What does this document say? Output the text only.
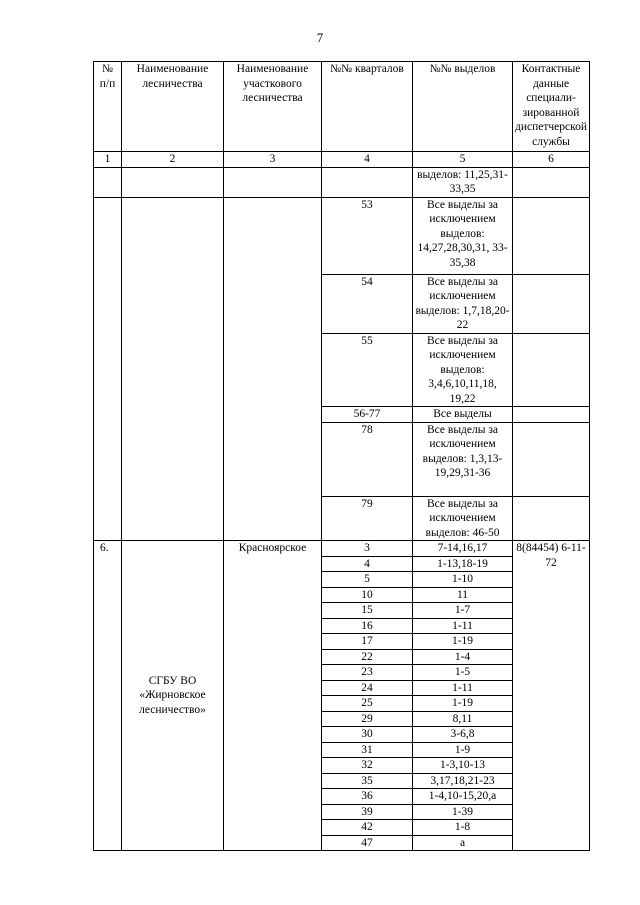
7
№ п/п	Наименование лесничества	Наименование участкового лесничества	№№ кварталов	№№ выделов	Контактные данные специали-зированной диспетчерской службы
1	2	3	4	5	6
				выделов: 11,25,31-33,35	
			53	Все выделы за исключением выделов: 14,27,28,30,31, 33-35,38	
			54	Все выделы за исключением выделов: 1,7,18,20-22	
			55	Все выделы за исключением выделов: 3,4,6,10,11,18, 19,22	
			56-77	Все выделы	
			78	Все выделы за исключением выделов: 1,3,13- 19,29,31-36	
			79	Все выделы за исключением выделов: 46-50	
6.	СГБУ ВО «Жирновское лесничество»	Красноярское	3	7-14,16,17	8(84454) 6-11-72
			4	1-13,18-19	
			5	1-10	
			10	11	
			15	1-7	
			16	1-11	
			17	1-19	
			22	1-4	
			23	1-5	
			24	1-11	
			25	1-19	
			29	8,11	
			30	3-6,8	
			31	1-9	
			32	1-3,10-13	
			35	3,17,18,21-23	
			36	1-4,10-15,20,a	
			39	1-39	
			42	1-8	
			47	a	
